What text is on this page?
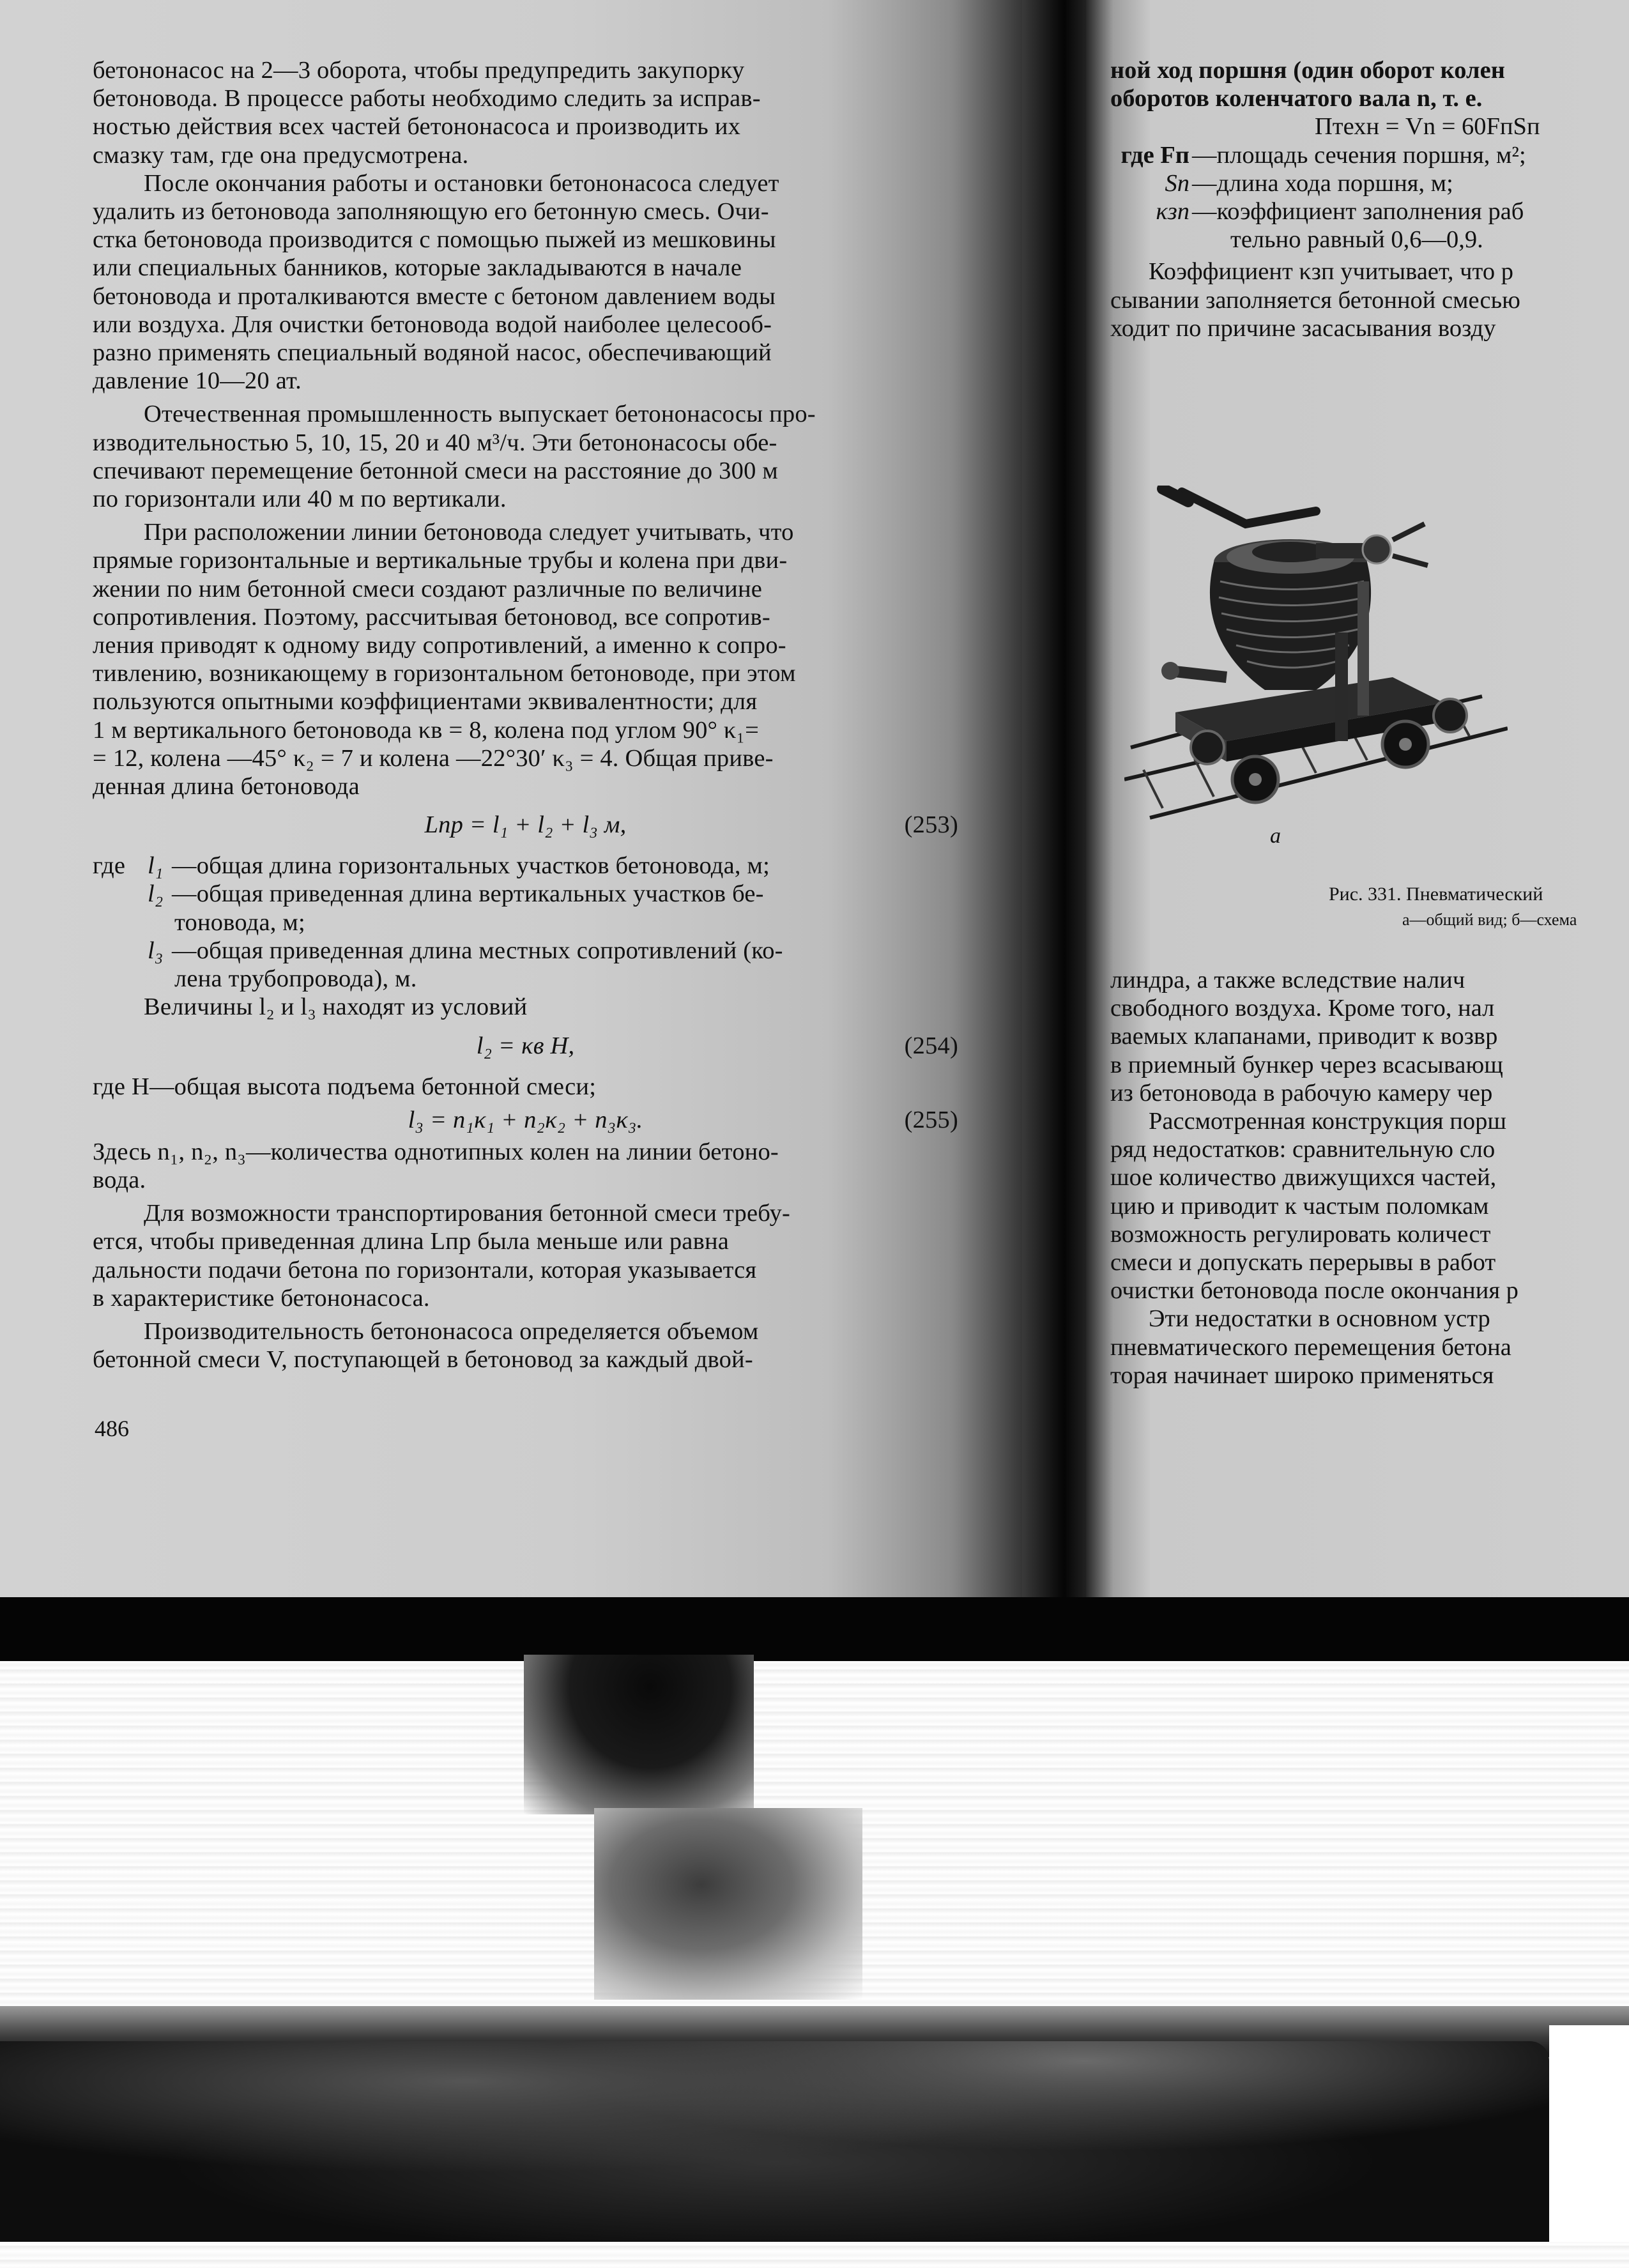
бетононасос на 2—3 оборота, чтобы предупредить закупорку
бетоновода. В процессе работы необходимо следить за исправ-
ностью действия всех частей бетононасоса и производить их
смазку там, где она предусмотрена.

После окончания работы и остановки бетононасоса следует
удалить из бетоновода заполняющую его бетонную смесь. Очи-
стка бетоновода производится с помощью пыжей из мешковины
или специальных банников, которые закладываются в начале
бетоновода и проталкиваются вместе с бетоном давлением воды
или воздуха. Для очистки бетоновода водой наиболее целесооб-
разно применять специальный водяной насос, обеспечивающий
давление 10—20 ат.

Отечественная промышленность выпускает бетононасосы про-
изводительностью 5, 10, 15, 20 и 40 м³/ч. Эти бетононасосы обе-
спечивают перемещение бетонной смеси на расстояние до 300 м
по горизонтали или 40 м по вертикали.

При расположении линии бетоновода следует учитывать, что
прямые горизонтальные и вертикальные трубы и колена при дви-
жении по ним бетонной смеси создают различные по величине
сопротивления. Поэтому, рассчитывая бетоновод, все сопротив-
ления приводят к одному виду сопротивлений, а именно к сопро-
тивлению, возникающему в горизонтальном бетоноводе, при этом
пользуются опытными коэффициентами эквивалентности; для
1 м вертикального бетоновода κв = 8, колена под углом 90° κ₁=
= 12, колена —45° κ₂ = 7 и колена —22°30′ κ₃ = 4. Общая приве-
денная длина бетоновода

Lпр = l₁ + l₂ + l₃ м,	(253)
где l₁ —общая длина горизонтальных участков бетоновода, м;
l₂ —общая приведенная длина вертикальных участков бе-
тоновода, м;
l₃ —общая приведенная длина местных сопротивлений (ко-
лена трубопровода), м.

Величины l₂ и l₃ находят из условий

l₂ = κв H,	(254)

где H—общая высота подъема бетонной смеси;

l₃ = n₁κ₁ + n₂κ₂ + n₃κ₃.	(255)

Здесь n₁, n₂, n₃—количества однотипных колен на линии бетоно-
вода.

Для возможности транспортирования бетонной смеси требу-
ется, чтобы приведенная длина Lпр была меньше или равна
дальности подачи бетона по горизонтали, которая указывается
в характеристике бетононасоса.

Производительность бетононасоса определяется объемом
бетонной смеси V, поступающей в бетоновод за каждый двой-

486

ной ход поршня (один оборот колен

оборотов коленчатого вала n, т. е.

Птехн = Vn = 60FпSп

где Fп —площадь сечения поршня, м²;
Sп —длина хода поршня, м;
κзп —коэффициент заполнения раб
тельно равный 0,6—0,9.

Коэффициент κзп учитывает, что р

сывании заполняется бетонной смесью

ходит по причине засасывания возду

а
Рис. 331. Пневматический
а—общий вид; б—схема

линдра, а также вследствие налич

свободного воздуха. Кроме того, нал

ваемых клапанами, приводит к возвр

в приемный бункер через всасывающ

из бетоновода в рабочую камеру чер

Рассмотренная конструкция порш

ряд недостатков: сравнительную сло

шое количество движущихся частей,

цию и приводит к частым поломкам

возможность регулировать количест

смеси и допускать перерывы в работ

очистки бетоновода после окончания р

Эти недостатки в основном устр

пневматического перемещения бетона

торая начинает широко применяться
